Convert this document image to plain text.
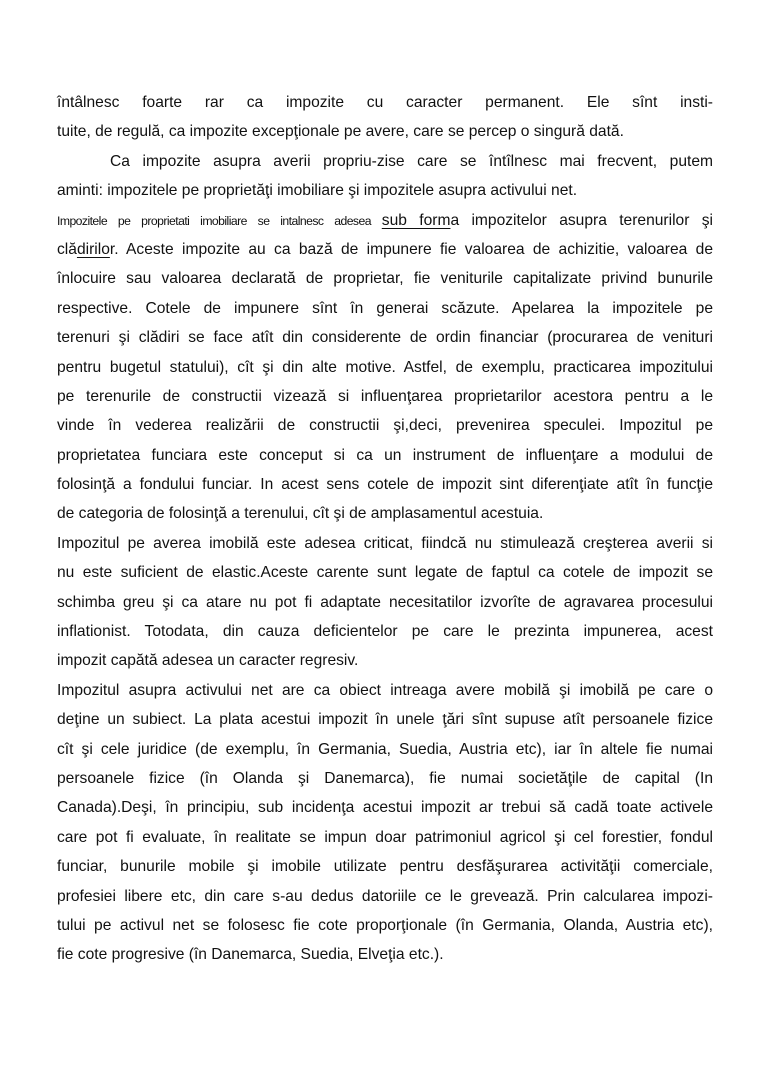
întâlnesc foarte rar ca impozite cu caracter permanent. Ele sînt insti-
tuite, de regulă, ca impozite excepţionale pe avere, care se percep o singură dată.
Ca impozite asupra averii propriu-zise care se întîlnesc mai frecvent, putem
aminti: impozitele pe proprietăţi imobiliare şi impozitele asupra activului net.
Impozitele pe proprietati imobiliare se intalnesc adesea sub forma impozitelor asupra terenurilor şi
clădirilor. Aceste impozite au ca bază de impunere fie valoarea de achizitie, valoarea de
înlocuire sau valoarea declarată de proprietar, fie veniturile capitalizate privind bunurile
respective. Cotele de impunere sînt în generai scăzute. Apelarea la impozitele pe
terenuri şi clădiri se face atît din considerente de ordin financiar (procurarea de venituri
pentru bugetul statului), cît şi din alte motive. Astfel, de exemplu, practicarea impozitului
pe terenurile de constructii vizează si influenţarea proprietarilor acestora pentru a le
vinde în vederea realizării de constructii şi,deci, prevenirea speculei. Impozitul pe
proprietatea funciara este conceput si ca un instrument de influenţare a modului de
folosinţă a fondului funciar. In acest sens cotele de impozit sint diferenţiate atît în funcţie
de categoria de folosinţă a terenului, cît şi de amplasamentul acestuia.
Impozitul pe averea imobilă este adesea criticat, fiindcă nu stimulează creşterea averii si
nu este suficient de elastic.Aceste carente sunt legate de faptul ca cotele de impozit se
schimba greu şi ca atare nu pot fi adaptate necesitatilor izvorîte de agravarea procesului
inflationist. Totodata, din cauza deficientelor pe care le prezinta impunerea, acest
impozit capătă adesea un caracter regresiv.
Impozitul asupra activului net are ca obiect intreaga avere mobilă şi imobilă pe care o
deţine un subiect. La plata acestui impozit în unele ţări sînt supuse atît persoanele fizice
cît şi cele juridice (de exemplu, în Germania, Suedia, Austria etc), iar în altele fie numai
persoanele fizice (în Olanda şi Danemarca), fie numai societăţile de capital (In
Canada).Deşi, în principiu, sub incidenţa acestui impozit ar trebui să cadă toate activele
care pot fi evaluate, în realitate se impun doar patrimoniul agricol şi cel forestier, fondul
funciar, bunurile mobile şi imobile utilizate pentru desfăşurarea activităţii comerciale,
profesiei libere etc, din care s-au dedus datoriile ce le grevează. Prin calcularea impozi-
tului pe activul net se folosesc fie cote proporţionale (în Germania, Olanda, Austria etc),
fie cote progresive (în Danemarca, Suedia, Elveţia etc.).
